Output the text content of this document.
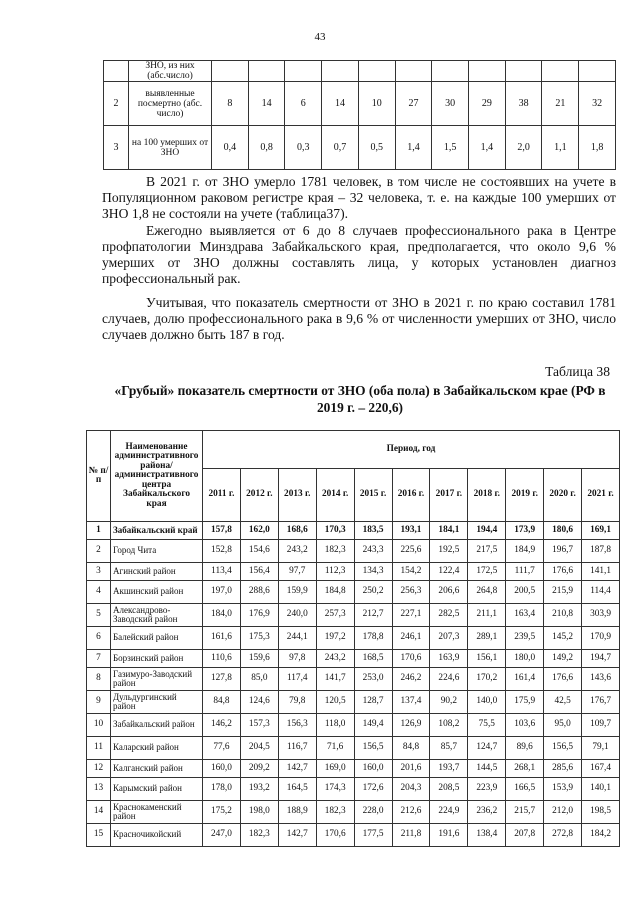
43
	ЗНО, из них (абс.число)											
2	выявленные посмертно (абс. число)	8	14	6	14	10	27	30	29	38	21	32
3	на 100 умерших от ЗНО	0,4	0,8	0,3	0,7	0,5	1,4	1,5	1,4	2,0	1,1	1,8

В 2021 г. от ЗНО умерло 1781 человек, в том числе не состоявших на учете в Популяционном раковом регистре края – 32 человека, т. е. на каждые 100 умерших от ЗНО 1,8 не состояли на учете (таблица37).

Ежегодно выявляется от 6 до 8 случаев профессионального рака в Центре профпатологии Минздрава Забайкальского края, предполагается, что около 9,6 % умерших от ЗНО должны составлять лица, у которых установлен диагноз профессиональный рак.

Учитывая, что показатель смертности от ЗНО в 2021 г. по краю составил 1781 случаев, долю профессионального рака в 9,6 % от численности умерших от ЗНО, число случаев должно быть 187 в год.

Таблица 38
«Грубый» показатель смертности от ЗНО (оба пола) в Забайкальском крае (РФ в 2019 г. – 220,6)
№ п/п	Наименование административного района/ административного центра Забайкальского края	Период, год										
		2011 г.	2012 г.	2013 г.	2014 г.	2015 г.	2016 г.	2017 г.	2018 г.	2019 г.	2020 г.	2021 г.
1	Забайкальский край	157,8	162,0	168,6	170,3	183,5	193,1	184,1	194,4	173,9	180,6	169,1
2	Город Чита	152,8	154,6	243,2	182,3	243,3	225,6	192,5	217,5	184,9	196,7	187,8
3	Агинский район	113,4	156,4	97,7	112,3	134,3	154,2	122,4	172,5	111,7	176,6	141,1
4	Акшинский район	197,0	288,6	159,9	184,8	250,2	256,3	206,6	264,8	200,5	215,9	114,4
5	Александрово-Заводский район	184,0	176,9	240,0	257,3	212,7	227,1	282,5	211,1	163,4	210,8	303,9
6	Балейский район	161,6	175,3	244,1	197,2	178,8	246,1	207,3	289,1	239,5	145,2	170,9
7	Борзинский район	110,6	159,6	97,8	243,2	168,5	170,6	163,9	156,1	180,0	149,2	194,7
8	Газимуро-Заводский район	127,8	85,0	117,4	141,7	253,0	246,2	224,6	170,2	161,4	176,6	143,6
9	Дульдургинский район	84,8	124,6	79,8	120,5	128,7	137,4	90,2	140,0	175,9	42,5	176,7
10	Забайкальский район	146,2	157,3	156,3	118,0	149,4	126,9	108,2	75,5	103,6	95,0	109,7
11	Каларский район	77,6	204,5	116,7	71,6	156,5	84,8	85,7	124,7	89,6	156,5	79,1
12	Калганский район	160,0	209,2	142,7	169,0	160,0	201,6	193,7	144,5	268,1	285,6	167,4
13	Карымский район	178,0	193,2	164,5	174,3	172,6	204,3	208,5	223,9	166,5	153,9	140,1
14	Краснокаменский район	175,2	198,0	188,9	182,3	228,0	212,6	224,9	236,2	215,7	212,0	198,5
15	Красночикойский	247,0	182,3	142,7	170,6	177,5	211,8	191,6	138,4	207,8	272,8	184,2
